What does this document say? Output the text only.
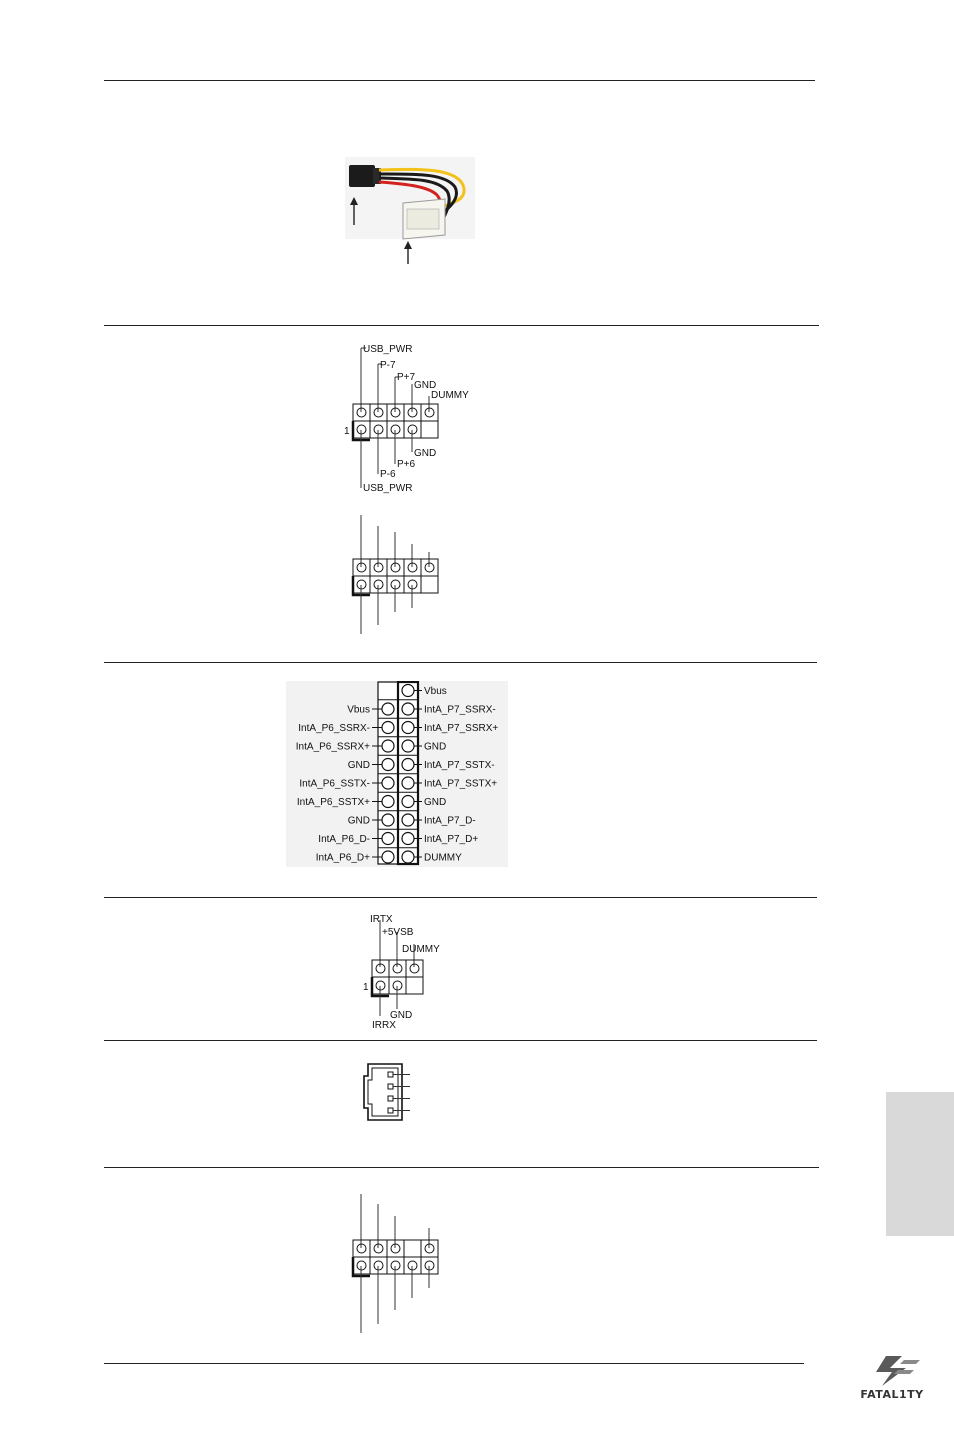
USB_PWR
P-7
P+7
GND
DUMMY
1
GND
P+6
P-6
USB_PWR
Vbus
IntA_P6_SSRX-
IntA_P6_SSRX+
GND
IntA_P6_SSTX-
IntA_P6_SSTX+
GND
IntA_P6_D-
IntA_P6_D+
Vbus
IntA_P7_SSRX-
IntA_P7_SSRX+
GND
IntA_P7_SSTX-
IntA_P7_SSTX+
GND
IntA_P7_D-
IntA_P7_D+
DUMMY
IRTX
+5VSB
DUMMY
1
GND
IRRX
FATAL1TY
